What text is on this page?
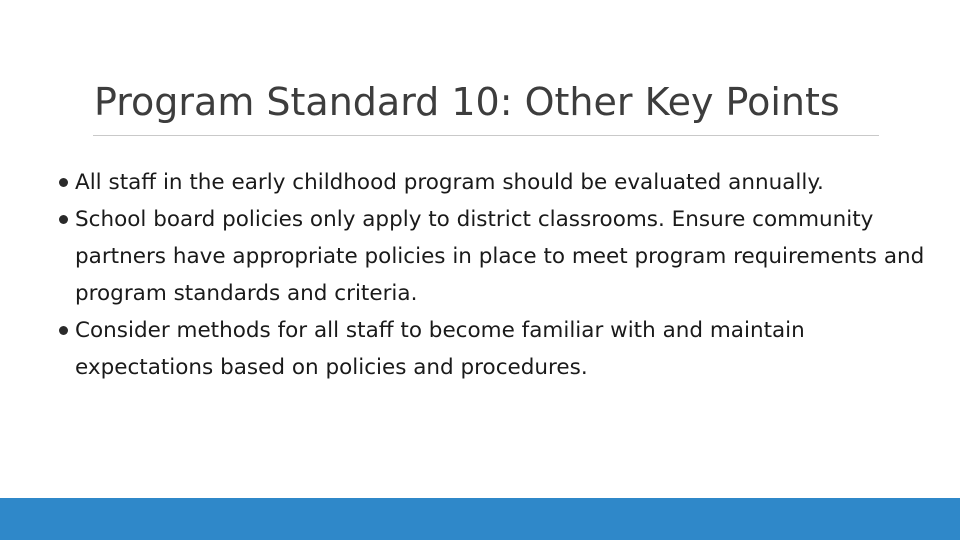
Program Standard 10: Other Key Points
All staff in the early childhood program should be evaluated annually.
School board policies only apply to district classrooms. Ensure community partners have appropriate policies in place to meet program requirements and program standards and criteria.
Consider methods for all staff to become familiar with and maintain expectations based on policies and procedures.
